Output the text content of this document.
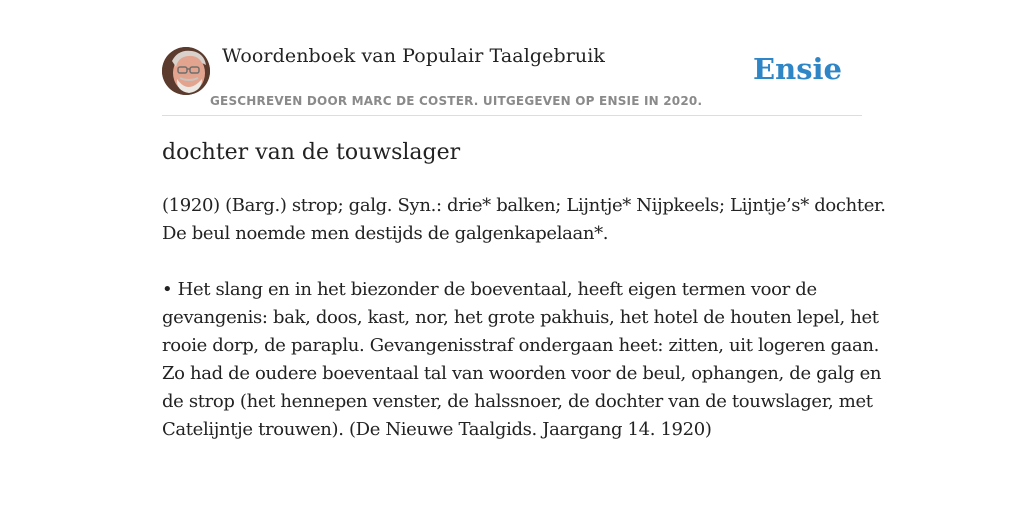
Woordenboek van Populair Taalgebruik
GESCHREVEN DOOR MARC DE COSTER. UITGEGEVEN OP ENSIE IN 2020.
Ensie
dochter van de touwslager
(1920) (Barg.) strop; galg. Syn.: drie* balken; Lijntje* Nijpkeels; Lijntje’s* dochter.
De beul noemde men destijds de galgenkapelaan*.
• Het slang en in het biezonder de boeventaal, heeft eigen termen voor de
gevangenis: bak, doos, kast, nor, het grote pakhuis, het hotel de houten lepel, het
rooie dorp, de paraplu. Gevangenisstraf ondergaan heet: zitten, uit logeren gaan.
Zo had de oudere boeventaal tal van woorden voor de beul, ophangen, de galg en
de strop (het hennepen venster, de halssnoer, de dochter van de touwslager, met
Catelijntje trouwen). (De Nieuwe Taalgids. Jaargang 14. 1920)
